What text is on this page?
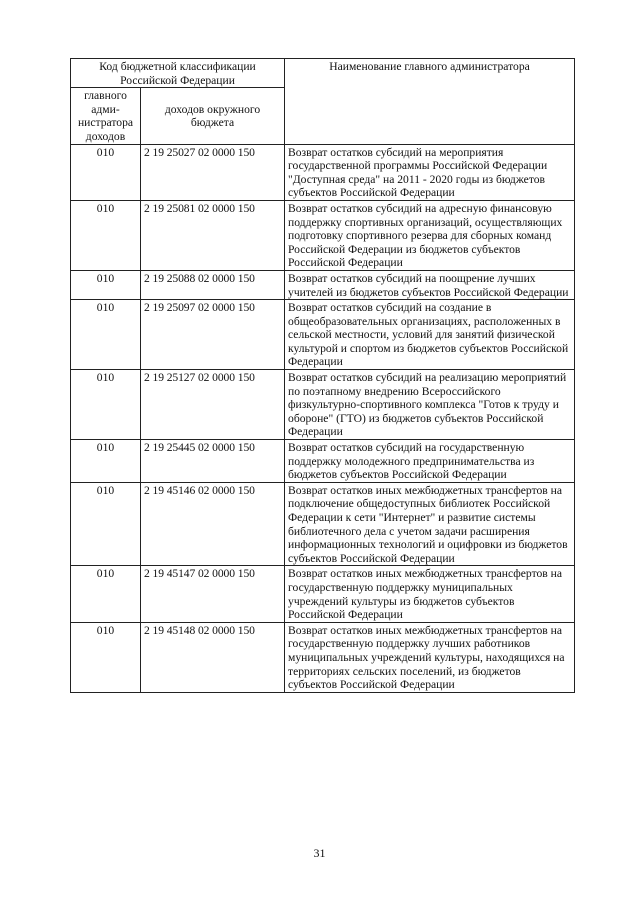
Код бюджетной классификации Российской Федерации		Наименование главного администратора
главного адми-нистратора доходов	доходов окружного бюджета	
010	2 19 25027 02 0000 150	Возврат остатков субсидий на мероприятия государственной программы Российской Федерации "Доступная среда" на 2011 - 2020 годы из бюджетов субъектов Российской Федерации
010	2 19 25081 02 0000 150	Возврат остатков субсидий на адресную финансовую поддержку спортивных организаций, осуществляющих подготовку спортивного резерва для сборных команд Российской Федерации из бюджетов субъектов Российской Федерации
010	2 19 25088 02 0000 150	Возврат остатков субсидий на поощрение лучших учителей из бюджетов субъектов Российской Федерации
010	2 19 25097 02 0000 150	Возврат остатков субсидий на создание в общеобразовательных организациях, расположенных в сельской местности, условий для занятий физической культурой и спортом из бюджетов субъектов Российской Федерации
010	2 19 25127 02 0000 150	Возврат остатков субсидий на реализацию мероприятий по поэтапному внедрению Всероссийского физкультурно-спортивного комплекса "Готов к труду и обороне" (ГТО) из бюджетов субъектов Российской Федерации
010	2 19 25445 02 0000 150	Возврат остатков субсидий на государственную поддержку молодежного предпринимательства из бюджетов субъектов Российской Федерации
010	2 19 45146 02 0000 150	Возврат остатков иных межбюджетных трансфертов на подключение общедоступных библиотек Российской Федерации к сети "Интернет" и развитие системы библиотечного дела с учетом задачи расширения информационных технологий и оцифровки из бюджетов субъектов Российской Федерации
010	2 19 45147 02 0000 150	Возврат остатков иных межбюджетных трансфертов на государственную поддержку муниципальных учреждений культуры из бюджетов субъектов Российской Федерации
010	2 19 45148 02 0000 150	Возврат остатков иных межбюджетных трансфертов на государственную поддержку лучших работников муниципальных учреждений культуры, находящихся на территориях сельских поселений, из бюджетов субъектов Российской Федерации
31
